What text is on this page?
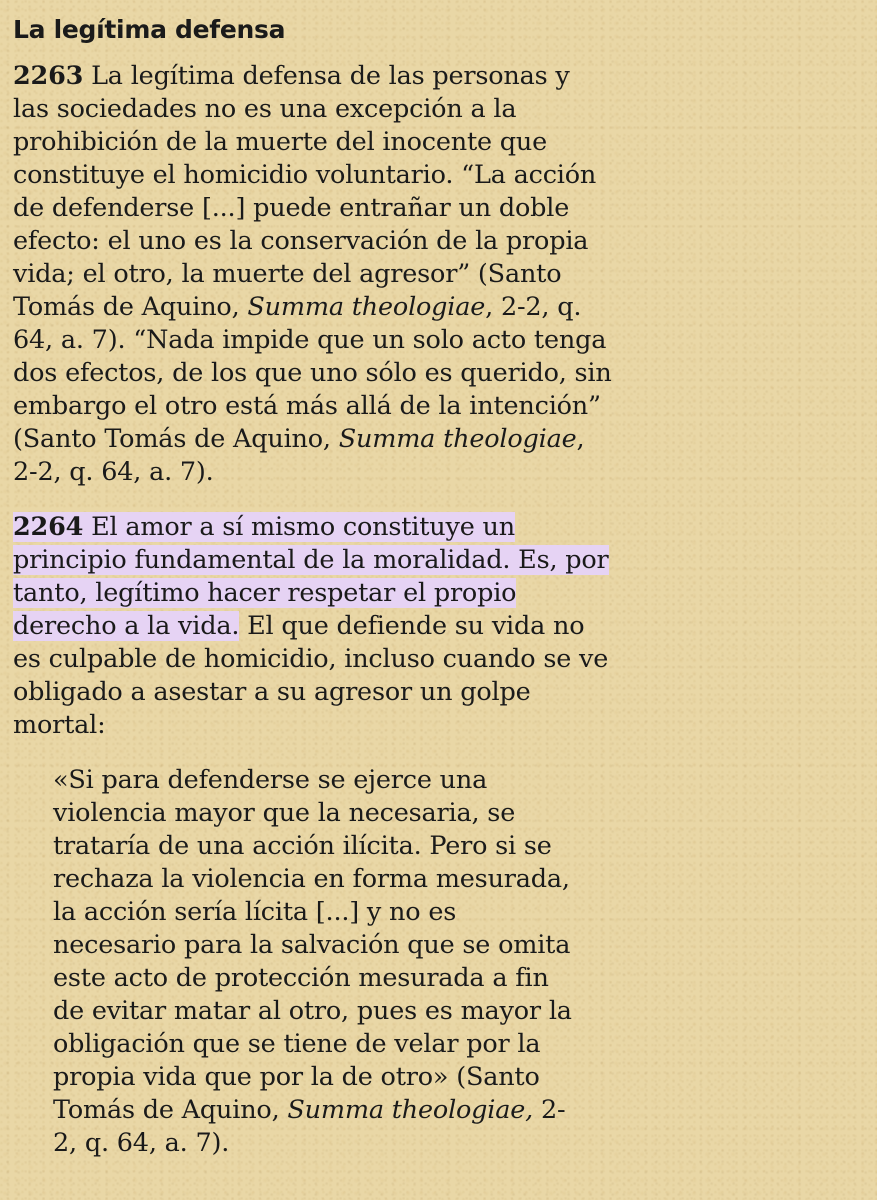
La legítima defensa

2263 La legítima defensa de las personas y las sociedades no es una excepción a la prohibición de la muerte del inocente que constituye el homicidio voluntario. “La acción de defenderse [...] puede entrañar un doble efecto: el uno es la conservación de la propia vida; el otro, la muerte del agresor” (Santo Tomás de Aquino, Summa theologiae, 2-2, q. 64, a. 7). “Nada impide que un solo acto tenga dos efectos, de los que uno sólo es querido, sin embargo el otro está más allá de la intención” (Santo Tomás de Aquino, Summa theologiae, 2-2, q. 64, a. 7).

2264 El amor a sí mismo constituye un principio fundamental de la moralidad. Es, por tanto, legítimo hacer respetar el propio derecho a la vida. El que defiende su vida no es culpable de homicidio, incluso cuando se ve obligado a asestar a su agresor un golpe mortal:

«Si para defenderse se ejerce una violencia mayor que la necesaria, se trataría de una acción ilícita. Pero si se rechaza la violencia en forma mesurada, la acción sería lícita [...] y no es necesario para la salvación que se omita este acto de protección mesurada a fin de evitar matar al otro, pues es mayor la obligación que se tiene de velar por la propia vida que por la de otro» (Santo Tomás de Aquino, Summa theologiae, 2-2, q. 64, a. 7).
